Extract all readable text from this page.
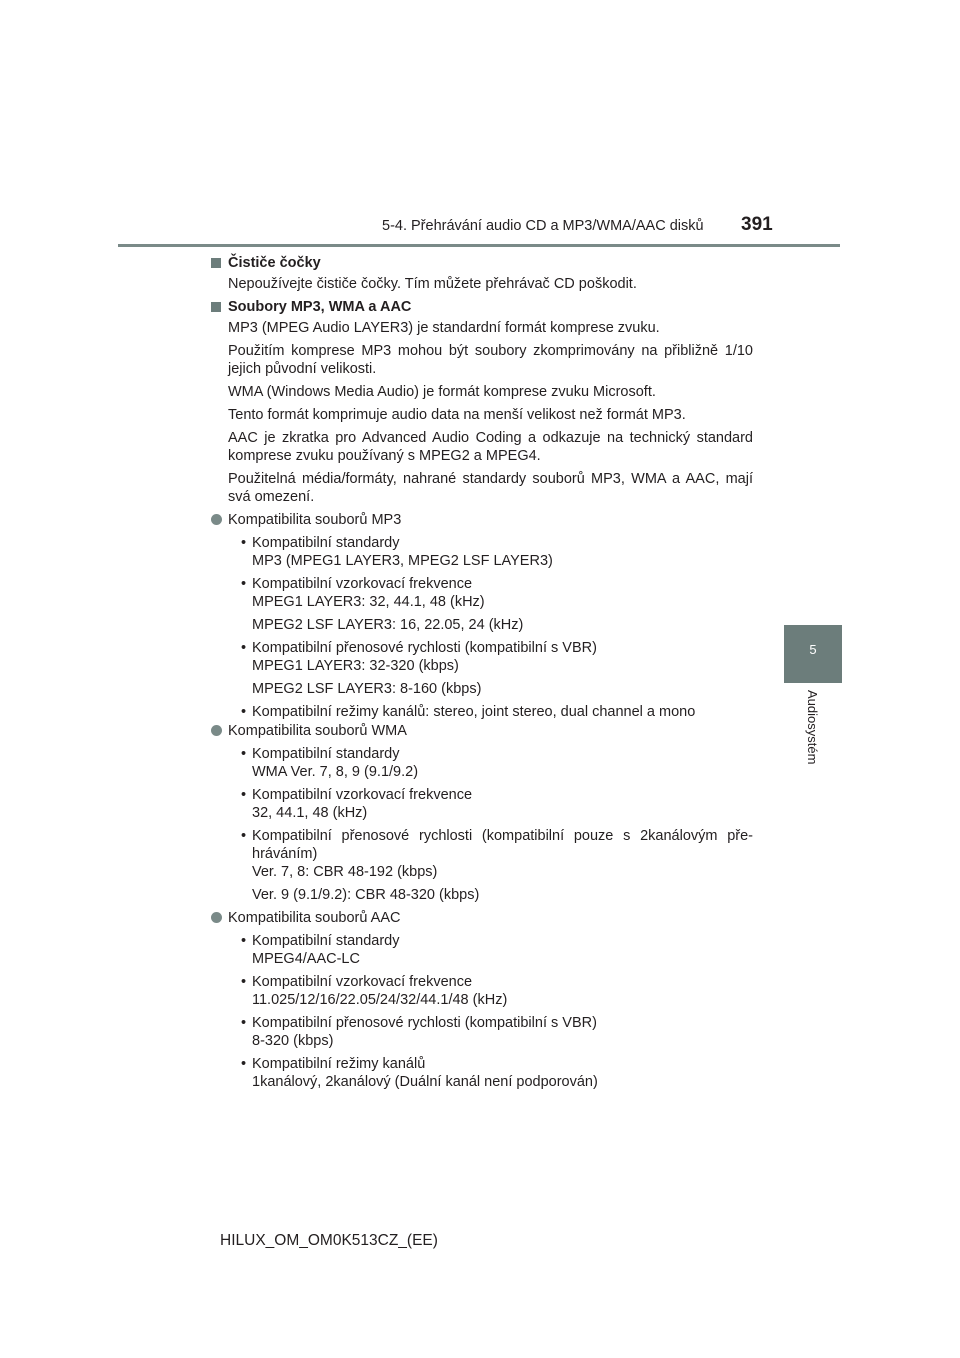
5-4. Přehrávání audio CD a MP3/WMA/AAC disků 391
5
Audiosystém
Čističe čočky
Nepoužívejte čističe čočky. Tím můžete přehrávač CD poškodit.
Soubory MP3, WMA a AAC
MP3 (MPEG Audio LAYER3) je standardní formát komprese zvuku.
Použitím komprese MP3 mohou být soubory zkomprimovány na přibližně 1/10 jejich původní velikosti.
WMA (Windows Media Audio) je formát komprese zvuku Microsoft.
Tento formát komprimuje audio data na menší velikost než formát MP3.
AAC je zkratka pro Advanced Audio Coding a odkazuje na technický standard komprese zvuku používaný s MPEG2 a MPEG4.
Použitelná média/formáty, nahrané standardy souborů MP3, WMA a AAC, mají svá omezení.
Kompatibilita souborů MP3
• Kompatibilní standardy
MP3 (MPEG1 LAYER3, MPEG2 LSF LAYER3)
• Kompatibilní vzorkovací frekvence
MPEG1 LAYER3: 32, 44.1, 48 (kHz)
MPEG2 LSF LAYER3: 16, 22.05, 24 (kHz)
• Kompatibilní přenosové rychlosti (kompatibilní s VBR)
MPEG1 LAYER3: 32-320 (kbps)
MPEG2 LSF LAYER3: 8-160 (kbps)
• Kompatibilní režimy kanálů: stereo, joint stereo, dual channel a mono
Kompatibilita souborů WMA
• Kompatibilní standardy
WMA Ver. 7, 8, 9 (9.1/9.2)
• Kompatibilní vzorkovací frekvence
32, 44.1, 48 (kHz)
• Kompatibilní přenosové rychlosti (kompatibilní pouze s 2kanálovým pře-hráváním)
Ver. 7, 8: CBR 48-192 (kbps)
Ver. 9 (9.1/9.2): CBR 48-320 (kbps)
Kompatibilita souborů AAC
• Kompatibilní standardy
MPEG4/AAC-LC
• Kompatibilní vzorkovací frekvence
11.025/12/16/22.05/24/32/44.1/48 (kHz)
• Kompatibilní přenosové rychlosti (kompatibilní s VBR)
8-320 (kbps)
• Kompatibilní režimy kanálů
1kanálový, 2kanálový (Duální kanál není podporován)
HILUX_OM_OM0K513CZ_(EE)
